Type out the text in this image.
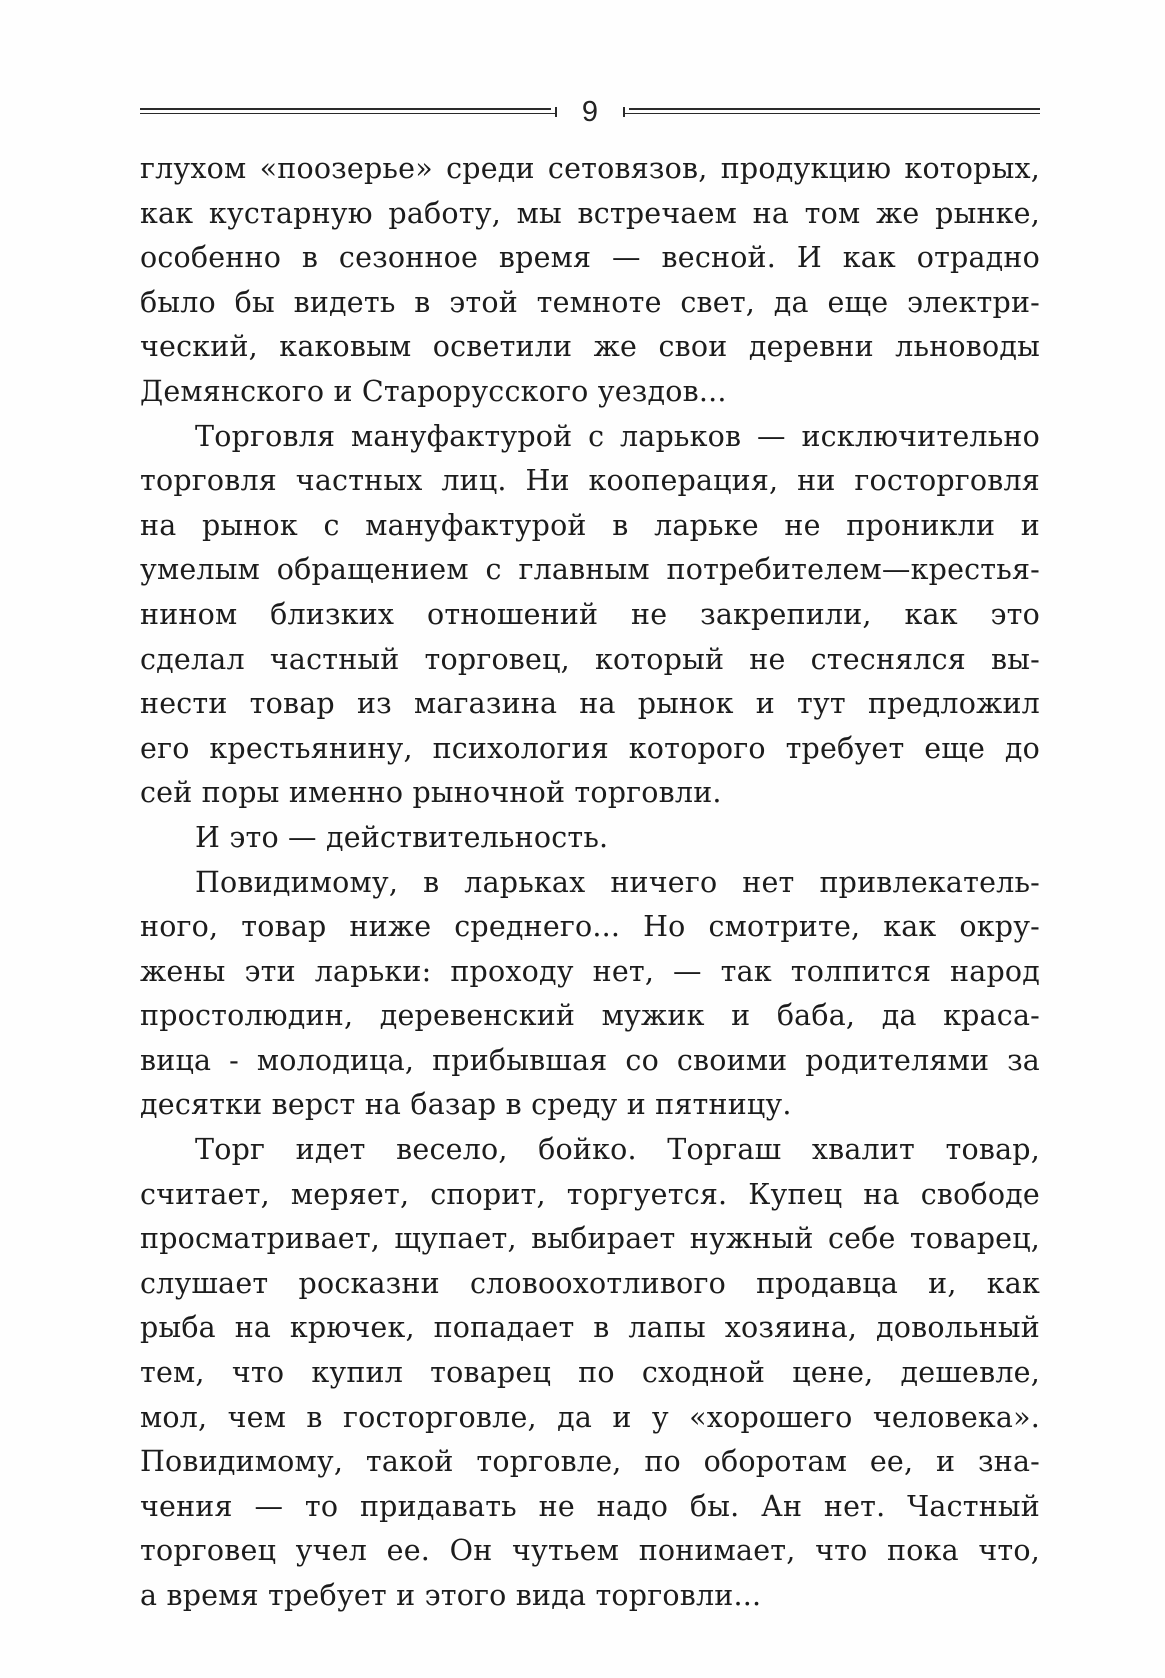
9
глухом «поозерье» среди сетовязов, продукцию которых,
как кустарную работу, мы встречаем на том же рынке,
особенно в сезонное время — весной. И как отрадно
было бы видеть в этой темноте свет, да еще электри-
ческий, каковым осветили же свои деревни льноводы
Демянского и Старорусского уездов...
Торговля мануфактурой с ларьков — исключительно
торговля частных лиц. Ни кооперация, ни госторговля
на рынок с мануфактурой в ларьке не проникли и
умелым обращением с главным потребителем—крестья-
нином близких отношений не закрепили, как это
сделал частный торговец, который не стеснялся вы-
нести товар из магазина на рынок и тут предложил
его крестьянину, психология которого требует еще до
сей поры именно рыночной торговли.
И это — действительность.
Повидимому, в ларьках ничего нет привлекатель-
ного, товар ниже среднего... Но смотрите, как окру-
жены эти ларьки: проходу нет, — так толпится народ
простолюдин, деревенский мужик и баба, да краса-
вица - молодица, прибывшая со своими родителями за
десятки верст на базар в среду и пятницу.
Торг идет весело, бойко. Торгаш хвалит товар,
считает, меряет, спорит, торгуется. Купец на свободе
просматривает, щупает, выбирает нужный себе товарец,
слушает росказни словоохотливого продавца и, как
рыба на крючек, попадает в лапы хозяина, довольный
тем, что купил товарец по сходной цене, дешевле,
мол, чем в госторговле, да и у «хорошего человека».
Повидимому, такой торговле, по оборотам ее, и зна-
чения — то придавать не надо бы. Ан нет. Частный
торговец учел ее. Он чутьем понимает, что пока что,
а время требует и этого вида торговли...
